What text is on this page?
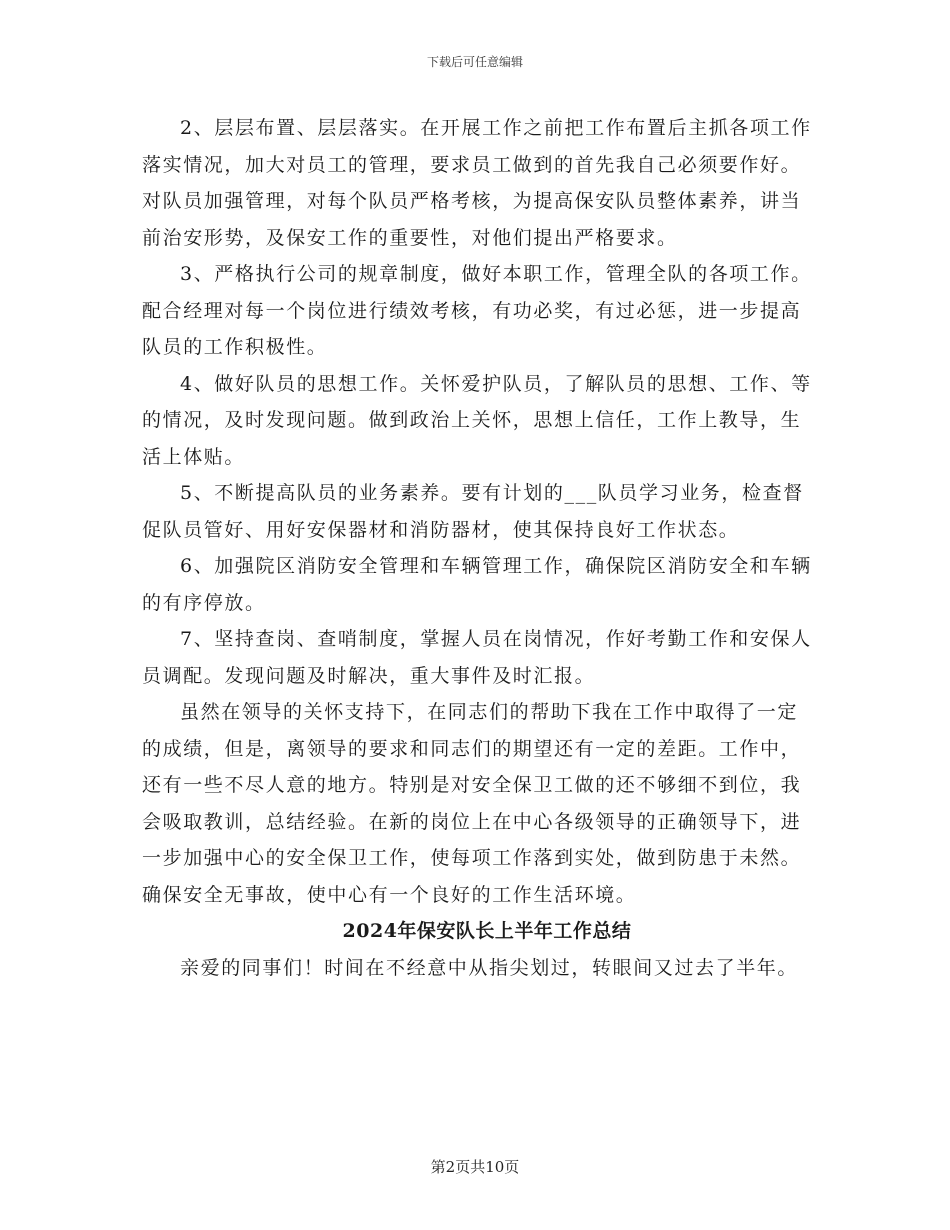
下载后可任意编辑

2、层层布置、层层落实。在开展工作之前把工作布置后主抓各项工作落实情况，加大对员工的管理，要求员工做到的首先我自己必须要作好。对队员加强管理，对每个队员严格考核，为提高保安队员整体素养，讲当前治安形势，及保安工作的重要性，对他们提出严格要求。

3、严格执行公司的规章制度，做好本职工作，管理全队的各项工作。配合经理对每一个岗位进行绩效考核，有功必奖，有过必惩，进一步提高队员的工作积极性。

4、做好队员的思想工作。关怀爱护队员，了解队员的思想、工作、等的情况，及时发现问题。做到政治上关怀，思想上信任，工作上教导，生活上体贴。

5、不断提高队员的业务素养。要有计划的___队员学习业务，检查督促队员管好、用好安保器材和消防器材，使其保持良好工作状态。

6、加强院区消防安全管理和车辆管理工作，确保院区消防安全和车辆的有序停放。

7、坚持查岗、查哨制度，掌握人员在岗情况，作好考勤工作和安保人员调配。发现问题及时解决，重大事件及时汇报。

虽然在领导的关怀支持下，在同志们的帮助下我在工作中取得了一定的成绩，但是，离领导的要求和同志们的期望还有一定的差距。工作中，还有一些不尽人意的地方。特别是对安全保卫工做的还不够细不到位，我会吸取教训，总结经验。在新的岗位上在中心各级领导的正确领导下，进一步加强中心的安全保卫工作，使每项工作落到实处，做到防患于未然。确保安全无事故，使中心有一个良好的工作生活环境。

2024年保安队长上半年工作总结

亲爱的同事们！时间在不经意中从指尖划过，转眼间又过去了半年。

第2页共10页
